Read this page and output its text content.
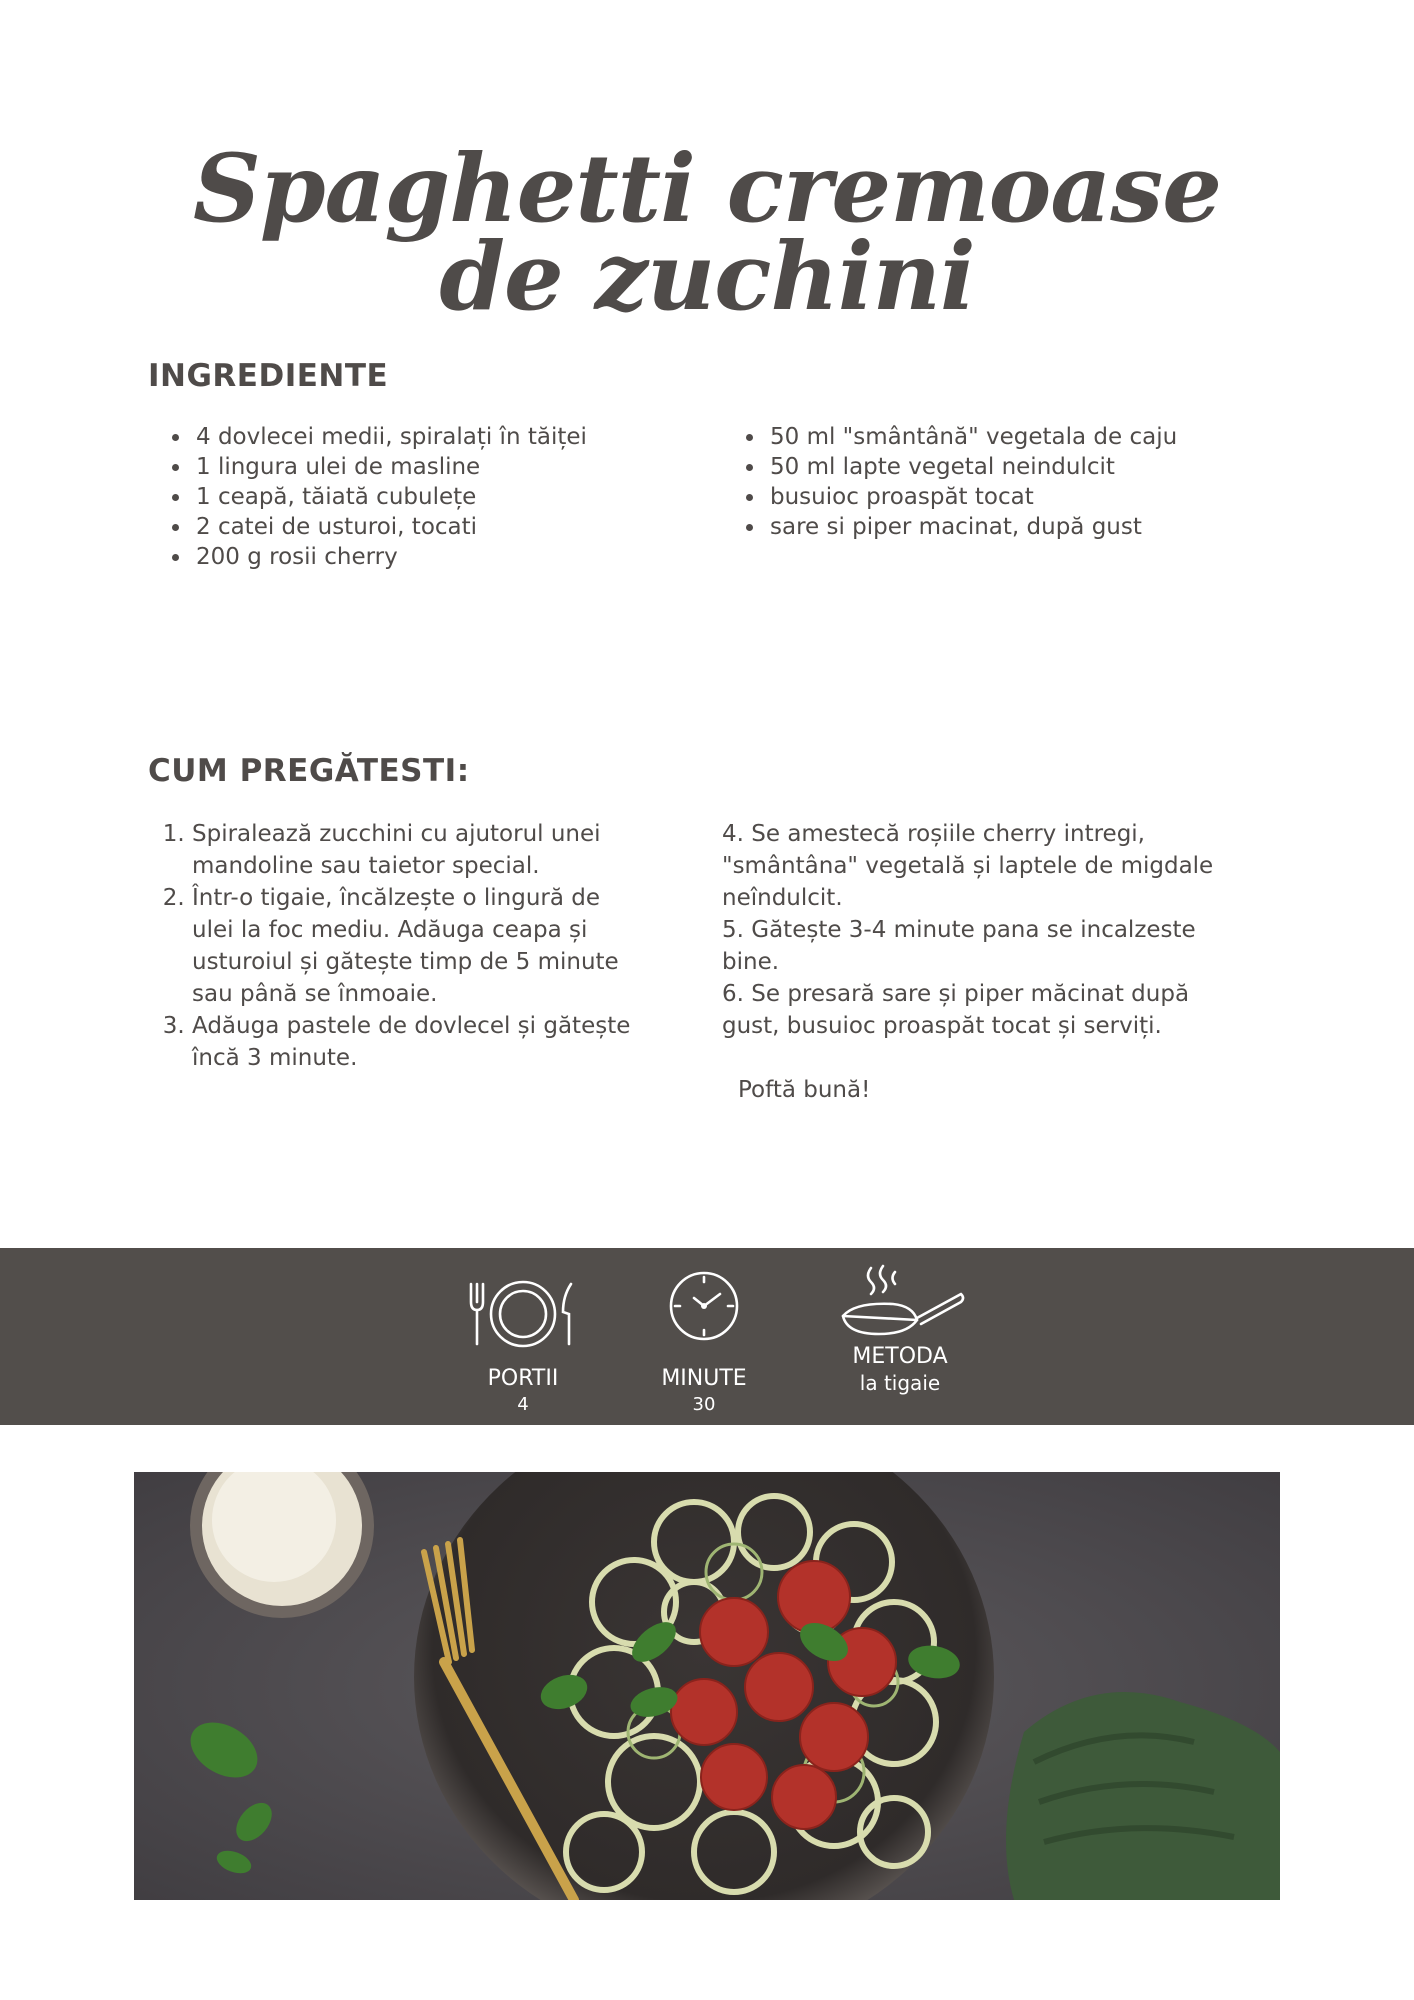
Spaghetti cremoase
de zuchini
INGREDIENTE
• 4 dovlecei medii, spiralați în tăiței
• 1 lingura ulei de masline
• 1 ceapă, tăiată cubulețe
• 2 catei de usturoi, tocati
• 200 g rosii cherry
• 50 ml "smântână" vegetala de caju
• 50 ml lapte vegetal neindulcit
• busuioc proaspăt tocat
• sare si piper macinat, după gust
CUM PREGĂTESTI:
1. Spiralează zucchini cu ajutorul unei mandoline sau taietor special.
2. Într-o tigaie, încălzește o lingură de ulei la foc mediu. Adăuga ceapa și usturoiul și gătește timp de 5 minute sau până se înmoaie.
3. Adăuga pastele de dovlecel și gătește încă 3 minute.

4. Se amestecă roșiile cherry intregi, "smântâna" vegetală și laptele de migdale neîndulcit.

5. Gătește 3-4 minute pana se incalzeste bine.

6. Se presară sare și piper măcinat după gust, busuioc proaspăt tocat și serviți.

Poftă bună!

PORTII
4
MINUTE
30
METODA
la tigaie
